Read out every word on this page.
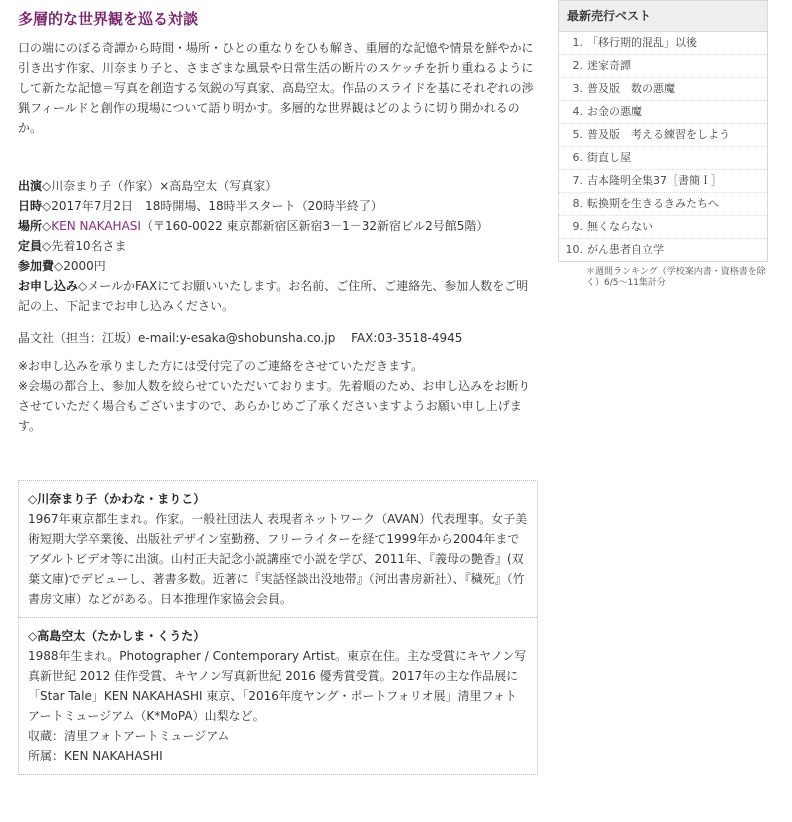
多層的な世界観を巡る対談

口の端にのぼる奇譚から時間・場所・ひとの重なりをひも解き、重層的な記憶や情景を鮮やかに引き出す作家、川奈まり子と、さまざまな風景や日常生活の断片のスケッチを折り重ねるようにして新たな記憶＝写真を創造する気鋭の写真家、高島空太。作品のスライドを基にそれぞれの渉猟フィールドと創作の現場について語り明かす。多層的な世界観はどのように切り開かれるのか。

出演◇川奈まり子（作家）×高島空太（写真家）
日時◇2017年7月2日　18時開場、18時半スタート（20時半終了）
場所◇KEN NAKAHASI（〒160-0022 東京都新宿区新宿3－1－32新宿ビル2号館5階）
定員◇先着10名さま
参加費◇2000円
お申し込み◇メールかFAXにてお願いいたします。お名前、ご住所、ご連絡先、参加人数をご明記の上、下記までお申し込みください。
晶文社（担当：江坂）e-mail:y-esaka@shobunsha.co.jp　 FAX:03-3518-4945
※お申し込みを承りました方には受付完了のご連絡をさせていただきます。
※会場の都合上、参加人数を絞らせていただいております。先着順のため、お申し込みをお断りさせていただく場合もございますので、あらかじめご了承くださいますようお願い申し上げます。
◇川奈まり子（かわな・まりこ）
1967年東京都生まれ。作家。一般社団法人 表現者ネットワーク（AVAN）代表理事。女子美術短期大学卒業後、出版社デザイン室勤務、フリーライターを経て1999年から2004年までアダルトビデオ等に出演。山村正夫記念小説講座で小説を学び、2011年、『義母の艶香』(双葉文庫)でデビューし、著書多数。近著に『実話怪談出没地帯』（河出書房新社）、『穢死』（竹書房文庫）などがある。日本推理作家協会会員。
◇高島空太（たかしま・くうた）
1988年生まれ。Photographer / Contemporary Artist。東京在住。主な受賞にキヤノン写真新世紀 2012 佳作受賞、キヤノン写真新世紀 2016 優秀賞受賞。2017年の主な作品展に「Star Tale」KEN NAKAHASHI 東京、「2016年度ヤング・ポートフォリオ展」清里フォトアートミュージアム（K*MoPA）山梨など。
収蔵：清里フォトアートミュージアム
所属：KEN NAKAHASHI
最新売行ベスト
1. 「移行期的混乱」以後
2. 迷家奇譚
3. 普及版　数の悪魔
4. お金の悪魔
5. 普及版　考える練習をしよう
6. 街直し屋
7. 吉本隆明全集37［書簡Ｉ］
8. 転換期を生きるきみたちへ
9. 無くならない
10. がん患者自立学

＊週間ランキング（学校案内書・資格書を除く）6/5〜11集計分
